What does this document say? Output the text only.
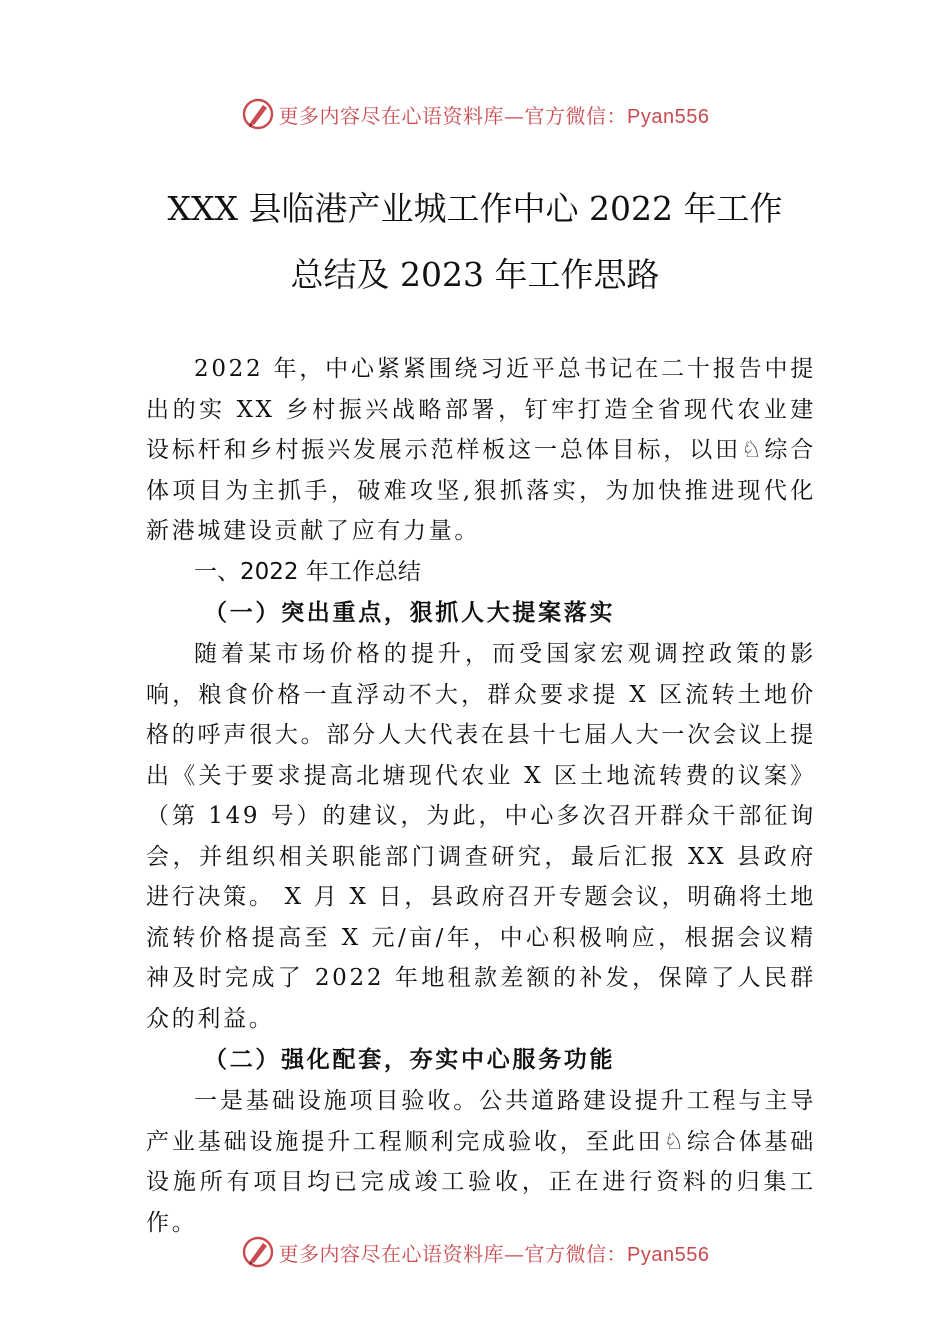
更多内容尽在心语资料库—官方微信：Pyan556
XXX 县临港产业城工作中心 2022 年工作
总结及 2023 年工作思路

2022 年，中心紧紧围绕习近平总书记在二十报告中提出的实 XX 乡村振兴战略部署，钉牢打造全省现代农业建设标杆和乡村振兴发展示范样板这一总体目标，以田♘综合体项目为主抓手，破难攻坚,狠抓落实，为加快推进现代化新港城建设贡献了应有力量。

一、2022 年工作总结

（一）突出重点，狠抓人大提案落实

随着某市场价格的提升，而受国家宏观调控政策的影响，粮食价格一直浮动不大，群众要求提 X 区流转土地价格的呼声很大。部分人大代表在县十七届人大一次会议上提出《关于要求提高北塘现代农业 X 区土地流转费的议案》（第 149 号）的建议，为此，中心多次召开群众干部征询会，并组织相关职能部门调查研究，最后汇报 XX 县政府进行决策。 X 月 X 日，县政府召开专题会议，明确将土地流转价格提高至 X 元/亩/年，中心积极响应，根据会议精神及时完成了 2022 年地租款差额的补发，保障了人民群众的利益。

（二）强化配套，夯实中心服务功能

一是基础设施项目验收。公共道路建设提升工程与主导产业基础设施提升工程顺利完成验收，至此田♘综合体基础设施所有项目均已完成竣工验收，正在进行资料的归集工作。

更多内容尽在心语资料库—官方微信：Pyan556
